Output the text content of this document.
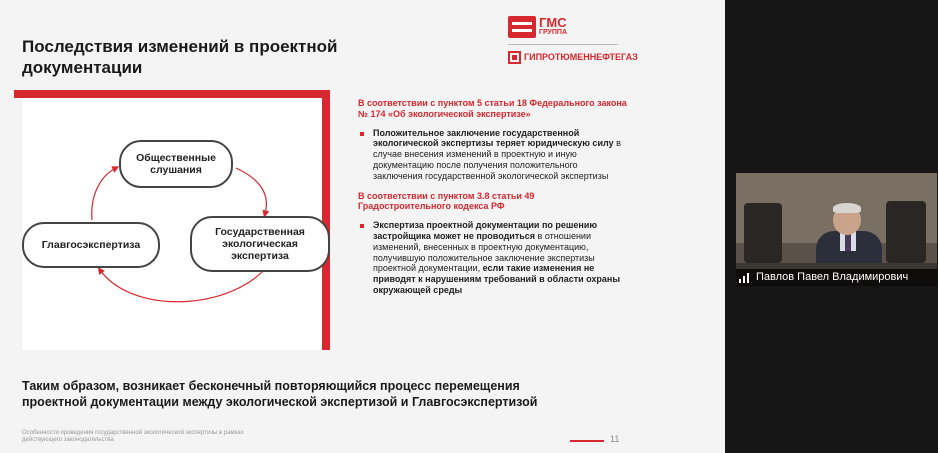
Последствия изменений в проектной документации
ГМС
ГРУППА
ГИПРОТЮМЕННЕФТЕГАЗ
Общественные слушания
Главгосэкспертиза
Государственная экологическая экспертиза
В соответствии с пунктом 5 статьи 18 Федерального закона № 174 «Об экологической экспертизе»
Положительное заключение государственной экологической экспертизы теряет юридическую силу в случае внесения изменений в проектную и иную документацию после получения положительного заключения государственной экологической экспертизы
В соответствии с пунктом 3.8 статьи 49 Градостроительного кодекса РФ
Экспертиза проектной документации по решению застройщика может не проводиться в отношении изменений, внесенных в проектную документацию, получившую положительное заключение экспертизы проектной документации, если такие изменения не приводят к нарушениям требований в области охраны окружающей среды
Таким образом, возникает бесконечный повторяющийся процесс перемещения проектной документации между экологической экспертизой и Главгосэкспертизой
Особенности проведения государственной экологической экспертизы в рамках действующего законодательства	11
Павлов Павел Владимирович
